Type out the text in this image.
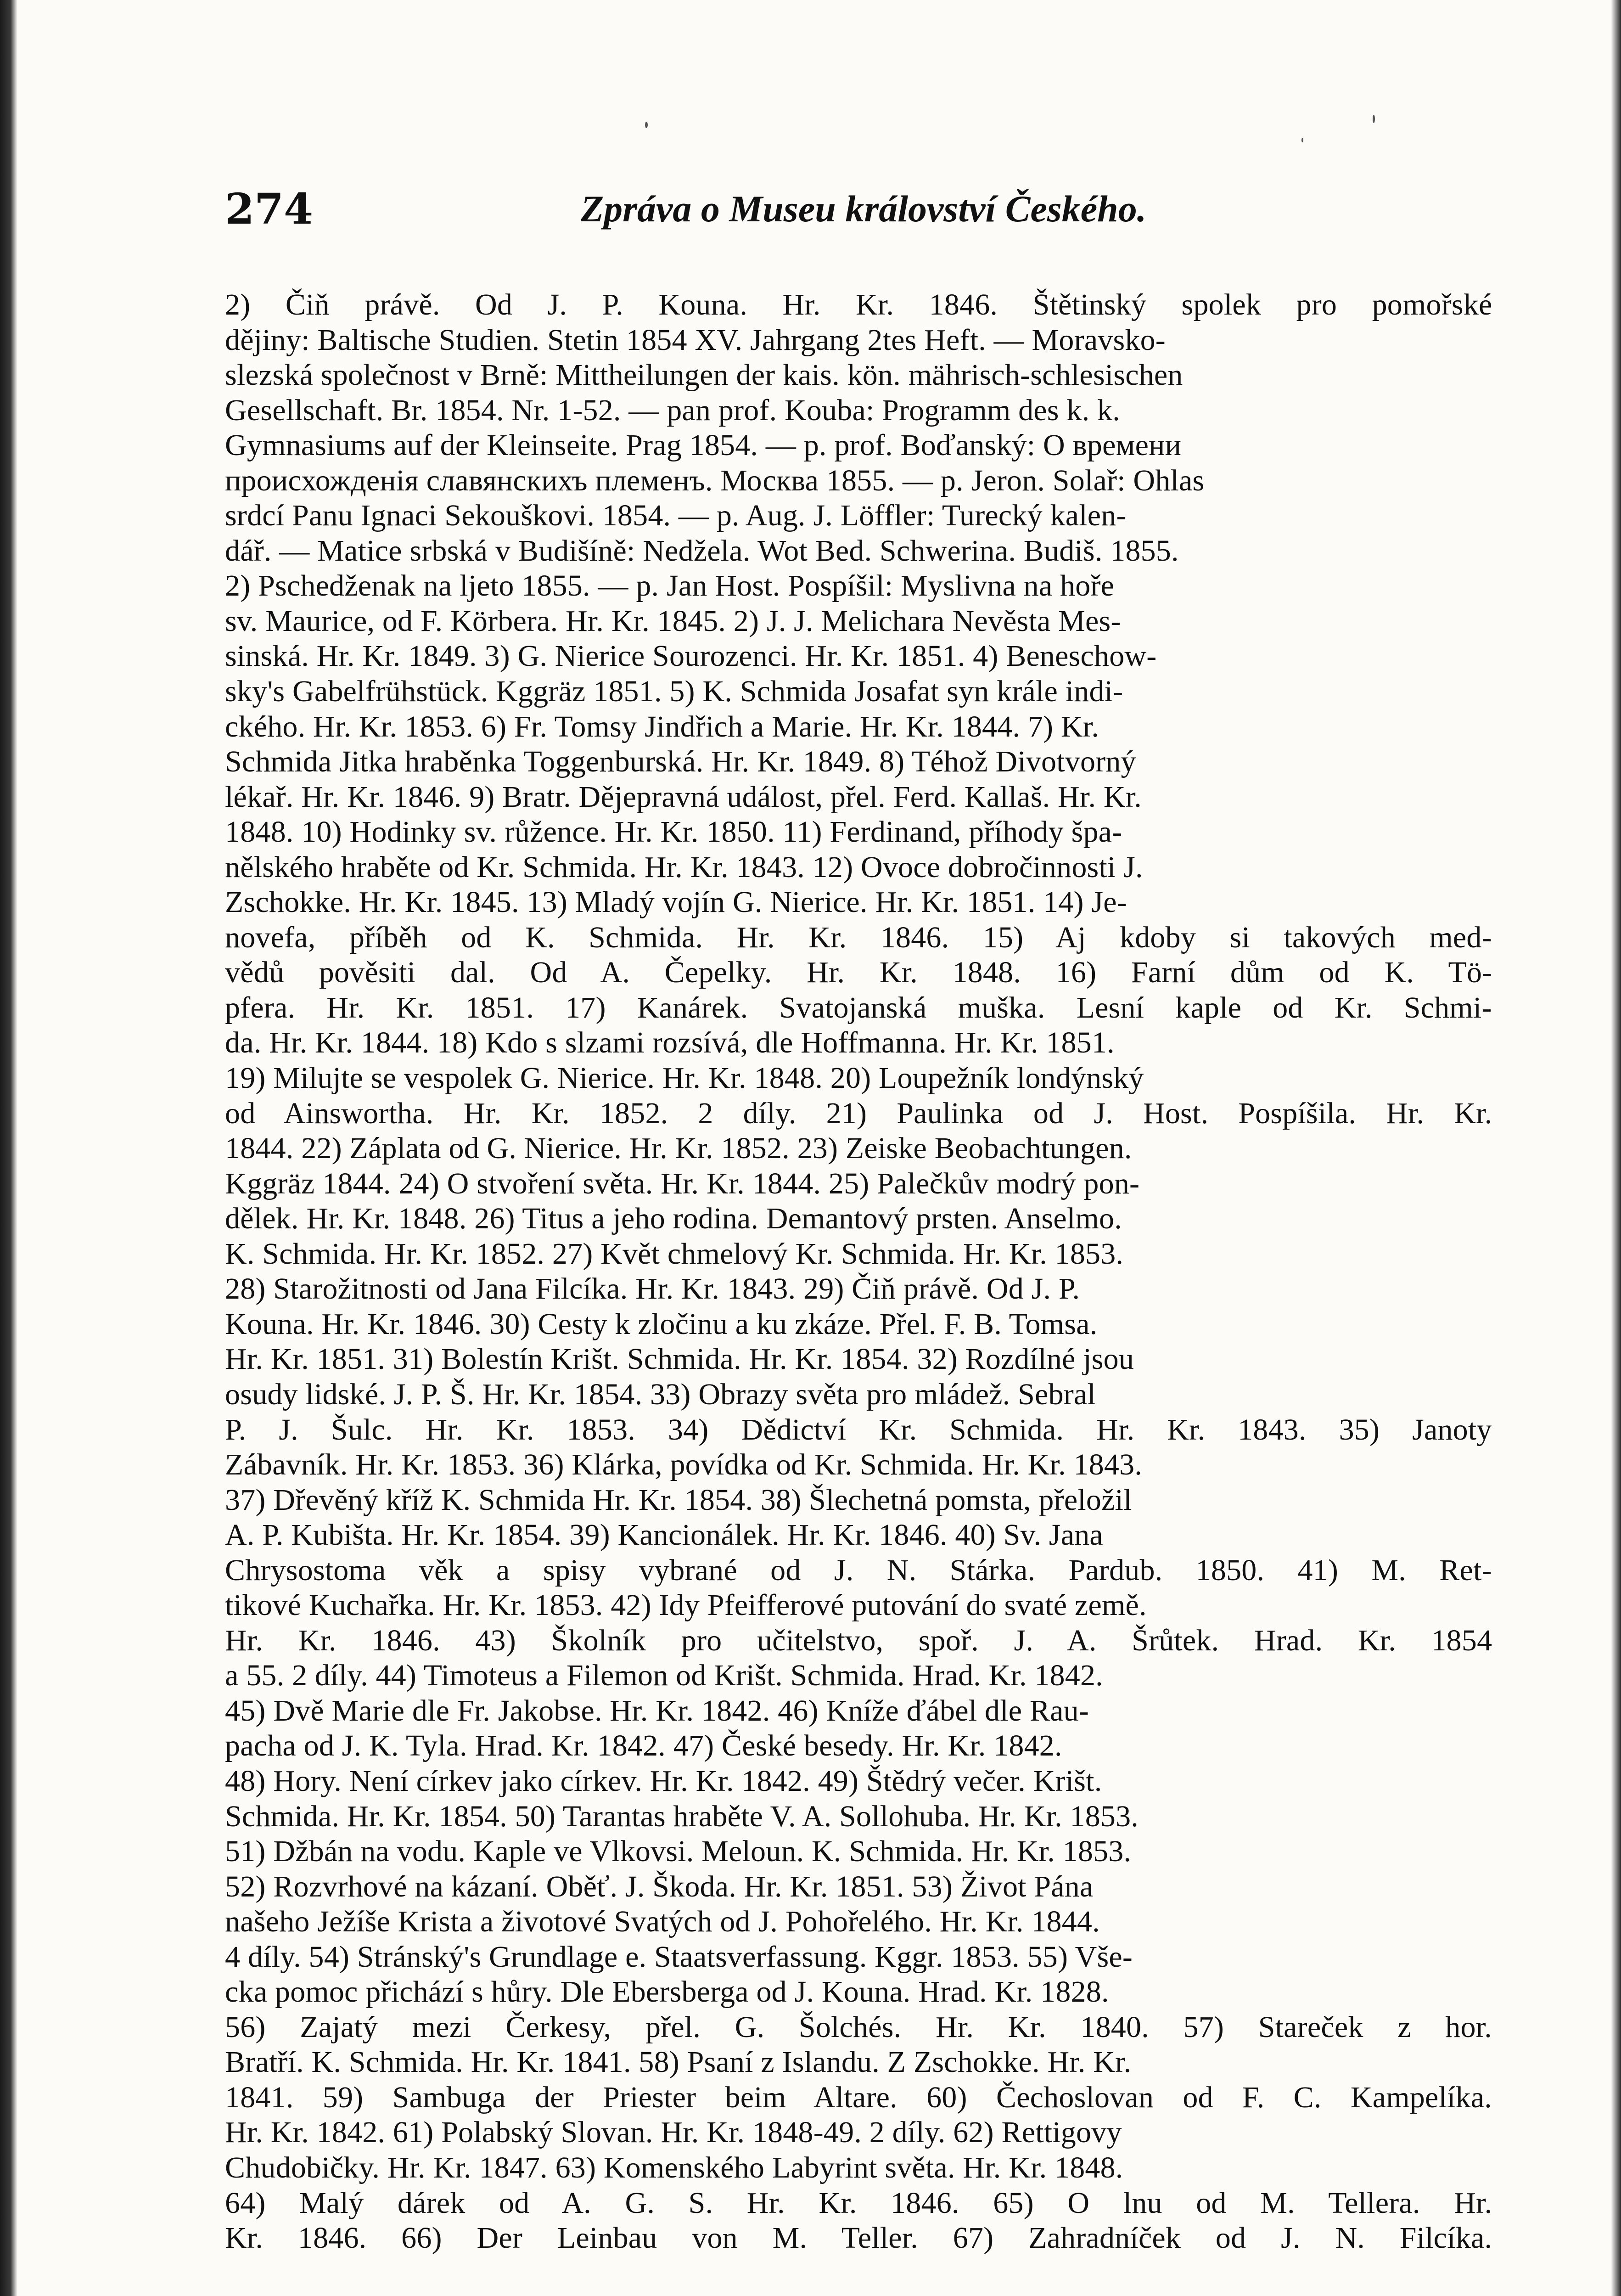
274	Zpráva o Museu království Českého.
2) Čiň právě. Od J. P. Kouna. Hr. Kr. 1846. Štětinský spolek pro pomořské
dějiny: Baltische Studien. Stetin 1854 XV. Jahrgang 2tes Heft. — Moravsko-
slezská společnost v Brně: Mittheilungen der kais. kön. mährisch-schlesischen
Gesellschaft. Br. 1854. Nr. 1-52. — pan prof. Kouba: Programm des k. k.
Gymnasiums auf der Kleinseite. Prag 1854. — p. prof. Boďanský: O времени
происхожденія славянскихъ племенъ. Москва 1855. — p. Jeron. Solař: Ohlas
srdcí Panu Ignaci Sekouškovi. 1854. — p. Aug. J. Löffler: Turecký kalen-
dář. — Matice srbská v Budišíně: Nedžela. Wot Bed. Schwerina. Budiš. 1855.
2) Pschedženak na ljeto 1855. — p. Jan Host. Pospíšil: Myslivna na hoře
sv. Maurice, od F. Körbera. Hr. Kr. 1845. 2) J. J. Melichara Nevěsta Mes-
sinská. Hr. Kr. 1849. 3) G. Nierice Sourozenci. Hr. Kr. 1851. 4) Beneschow-
sky's Gabelfrühstück. Kggräz 1851. 5) K. Schmida Josafat syn krále indi-
ckého. Hr. Kr. 1853. 6) Fr. Tomsy Jindřich a Marie. Hr. Kr. 1844. 7) Kr.
Schmida Jitka hraběnka Toggenburská. Hr. Kr. 1849. 8) Téhož Divotvorný
lékař. Hr. Kr. 1846. 9) Bratr. Dějepravná událost, přel. Ferd. Kallaš. Hr. Kr.
1848. 10) Hodinky sv. růžence. Hr. Kr. 1850. 11) Ferdinand, příhody špa-
nělského hraběte od Kr. Schmida. Hr. Kr. 1843. 12) Ovoce dobročinnosti J.
Zschokke. Hr. Kr. 1845. 13) Mladý vojín G. Nierice. Hr. Kr. 1851. 14) Je-
novefa, příběh od K. Schmida. Hr. Kr. 1846. 15) Aj kdoby si takových med-
vědů pověsiti dal. Od A. Čepelky. Hr. Kr. 1848. 16) Farní dům od K. Tö-
pfera. Hr. Kr. 1851. 17) Kanárek. Svatojanská muška. Lesní kaple od Kr. Schmi-
da. Hr. Kr. 1844. 18) Kdo s slzami rozsívá, dle Hoffmanna. Hr. Kr. 1851.
19) Milujte se vespolek G. Nierice. Hr. Kr. 1848. 20) Loupežník londýnský
od Ainswortha. Hr. Kr. 1852. 2 díly. 21) Paulinka od J. Host. Pospíšila. Hr. Kr.
1844. 22) Záplata od G. Nierice. Hr. Kr. 1852. 23) Zeiske Beobachtungen.
Kggräz 1844. 24) O stvoření světa. Hr. Kr. 1844. 25) Palečkův modrý pon-
dělek. Hr. Kr. 1848. 26) Titus a jeho rodina. Demantový prsten. Anselmo.
K. Schmida. Hr. Kr. 1852. 27) Květ chmelový Kr. Schmida. Hr. Kr. 1853.
28) Starožitnosti od Jana Filcíka. Hr. Kr. 1843. 29) Čiň právě. Od J. P.
Kouna. Hr. Kr. 1846. 30) Cesty k zločinu a ku zkáze. Přel. F. B. Tomsa.
Hr. Kr. 1851. 31) Bolestín Krišt. Schmida. Hr. Kr. 1854. 32) Rozdílné jsou
osudy lidské. J. P. Š. Hr. Kr. 1854. 33) Obrazy světa pro mládež. Sebral
P. J. Šulc. Hr. Kr. 1853. 34) Dědictví Kr. Schmida. Hr. Kr. 1843. 35) Janoty
Zábavník. Hr. Kr. 1853. 36) Klárka, povídka od Kr. Schmida. Hr. Kr. 1843.
37) Dřevěný kříž K. Schmida Hr. Kr. 1854. 38) Šlechetná pomsta, přeložil
A. P. Kubišta. Hr. Kr. 1854. 39) Kancionálek. Hr. Kr. 1846. 40) Sv. Jana
Chrysostoma věk a spisy vybrané od J. N. Stárka. Pardub. 1850. 41) M. Ret-
tikové Kuchařka. Hr. Kr. 1853. 42) Idy Pfeifferové putování do svaté země.
Hr. Kr. 1846. 43) Školník pro učitelstvo, spoř. J. A. Šrůtek. Hrad. Kr. 1854
a 55. 2 díly. 44) Timoteus a Filemon od Krišt. Schmida. Hrad. Kr. 1842.
45) Dvě Marie dle Fr. Jakobse. Hr. Kr. 1842. 46) Kníže ďábel dle Rau-
pacha od J. K. Tyla. Hrad. Kr. 1842. 47) České besedy. Hr. Kr. 1842.
48) Hory. Není církev jako církev. Hr. Kr. 1842. 49) Štědrý večer. Krišt.
Schmida. Hr. Kr. 1854. 50) Tarantas hraběte V. A. Sollohuba. Hr. Kr. 1853.
51) Džbán na vodu. Kaple ve Vlkovsi. Meloun. K. Schmida. Hr. Kr. 1853.
52) Rozvrhové na kázaní. Oběť. J. Škoda. Hr. Kr. 1851. 53) Život Pána
našeho Ježíše Krista a životové Svatých od J. Pohořelého. Hr. Kr. 1844.
4 díly. 54) Stránský's Grundlage e. Staatsverfassung. Kggr. 1853. 55) Vše-
cka pomoc přichází s hůry. Dle Ebersberga od J. Kouna. Hrad. Kr. 1828.
56) Zajatý mezi Čerkesy, přel. G. Šolchés. Hr. Kr. 1840. 57) Stareček z hor.
Bratří. K. Schmida. Hr. Kr. 1841. 58) Psaní z Islandu. Z Zschokke. Hr. Kr.
1841. 59) Sambuga der Priester beim Altare. 60) Čechoslovan od F. C. Kampelíka.
Hr. Kr. 1842. 61) Polabský Slovan. Hr. Kr. 1848-49. 2 díly. 62) Rettigovy
Chudobičky. Hr. Kr. 1847. 63) Komenského Labyrint světa. Hr. Kr. 1848.
64) Malý dárek od A. G. S. Hr. Kr. 1846. 65) O lnu od M. Tellera. Hr.
Kr. 1846. 66) Der Leinbau von M. Teller. 67) Zahradníček od J. N. Filcíka.
